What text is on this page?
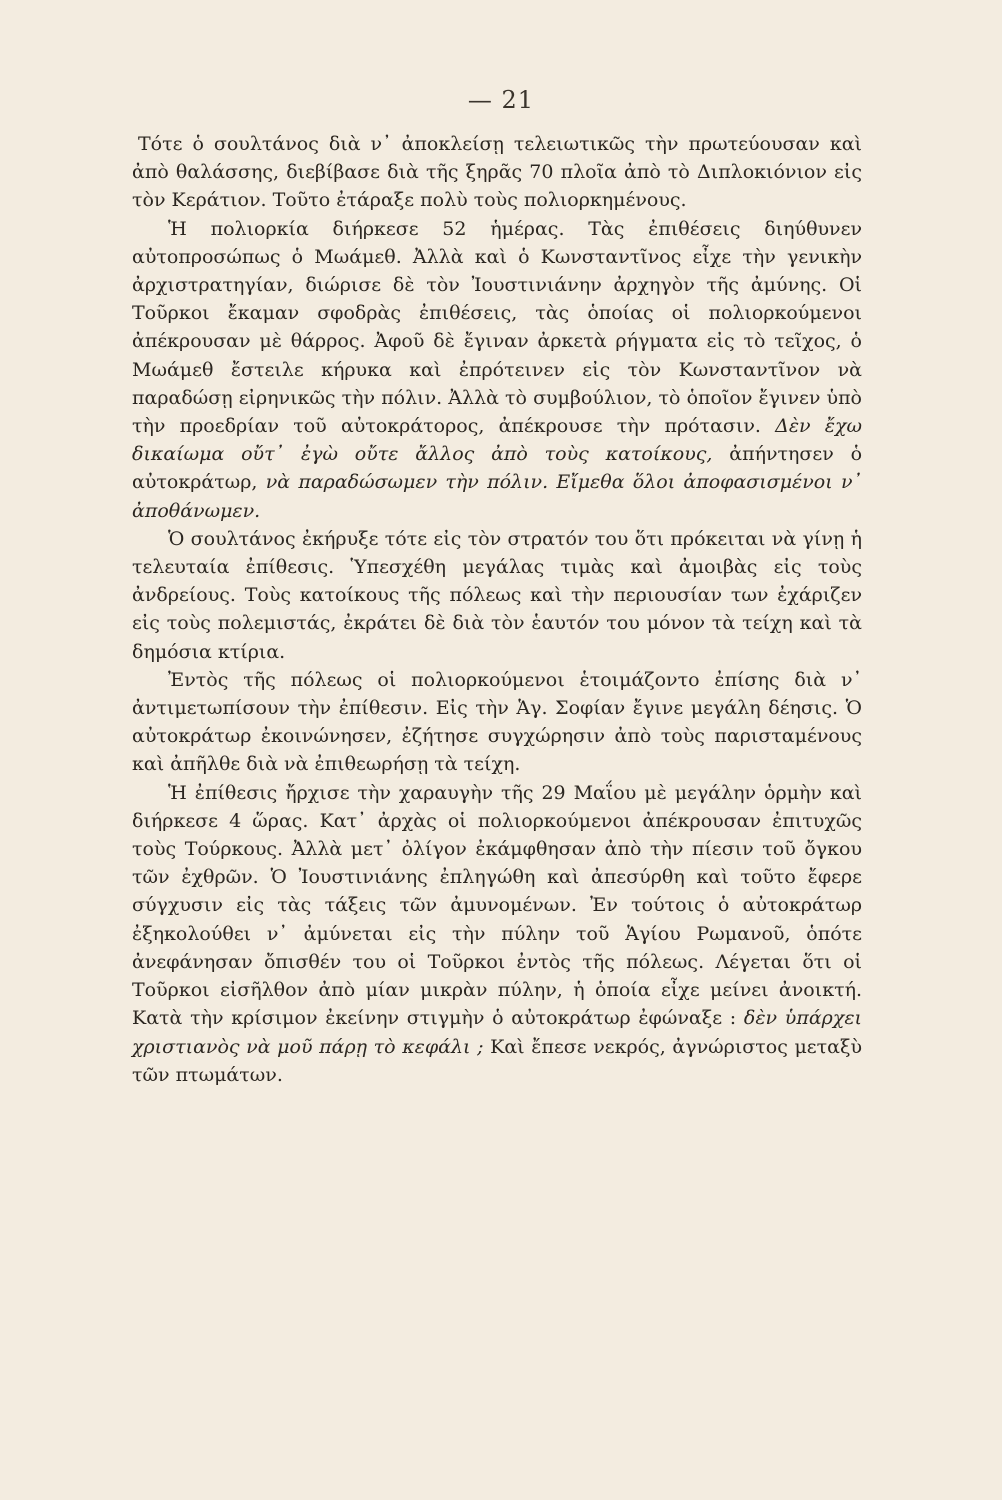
— 21

Τότε ὁ σουλτάνος διὰ ν᾽ ἀποκλείσῃ τελειωτικῶς τὴν πρωτεύουσαν καὶ ἀπὸ θαλάσσης, διεβίβασε διὰ τῆς ξηρᾶς 70 πλοῖα ἀπὸ τὸ Διπλοκιόνιον εἰς τὸν Κεράτιον. Τοῦτο ἐτάραξε πολὺ τοὺς πολιορκημένους.

Ἡ πολιορκία διήρκεσε 52 ἡμέρας. Τὰς ἐπιθέσεις διηύθυνεν αὐτοπροσώπως ὁ Μωάμεθ. Ἀλλὰ καὶ ὁ Κωνσταντῖνος εἶχε τὴν γενικὴν ἀρχιστρατηγίαν, διώρισε δὲ τὸν Ἰουστινιάνην ἀρχηγὸν τῆς ἀμύνης. Οἱ Τοῦρκοι ἔκαμαν σφοδρὰς ἐπιθέσεις, τὰς ὁποίας οἱ πολιορκούμενοι ἀπέκρουσαν μὲ θάρρος. Ἀφοῦ δὲ ἔγιναν ἀρκετὰ ρήγματα εἰς τὸ τεῖχος, ὁ Μωάμεθ ἔστειλε κήρυκα καὶ ἐπρότεινεν εἰς τὸν Κωνσταντῖνον νὰ παραδώσῃ εἰρηνικῶς τὴν πόλιν. Ἀλλὰ τὸ συμβούλιον, τὸ ὁποῖον ἔγινεν ὑπὸ τὴν προεδρίαν τοῦ αὐτοκράτορος, ἀπέκρουσε τὴν πρότασιν. Δὲν ἔχω δικαίωμα οὔτ᾽ ἐγὼ οὔτε ἄλλος ἀπὸ τοὺς κατοίκους, ἀπήντησεν ὁ αὐτοκράτωρ, νὰ παραδώσωμεν τὴν πόλιν. Εἴμεθα ὅλοι ἀποφασισμένοι ν᾽ ἀποθάνωμεν.

Ὁ σουλτάνος ἐκήρυξε τότε εἰς τὸν στρατόν του ὅτι πρόκειται νὰ γίνῃ ἡ τελευταία ἐπίθεσις. Ὑπεσχέθη μεγάλας τιμὰς καὶ ἀμοιβὰς εἰς τοὺς ἀνδρείους. Τοὺς κατοίκους τῆς πόλεως καὶ τὴν περιουσίαν των ἐχάριζεν εἰς τοὺς πολεμιστάς, ἐκράτει δὲ διὰ τὸν ἑαυτόν του μόνον τὰ τείχη καὶ τὰ δημόσια κτίρια.

Ἐντὸς τῆς πόλεως οἱ πολιορκούμενοι ἑτοιμάζοντο ἐπίσης διὰ ν᾽ ἀντιμετωπίσουν τὴν ἐπίθεσιν. Εἰς τὴν Ἁγ. Σοφίαν ἔγινε μεγάλη δέησις. Ὁ αὐτοκράτωρ ἐκοινώνησεν, ἐζήτησε συγχώρησιν ἀπὸ τοὺς παρισταμένους καὶ ἀπῆλθε διὰ νὰ ἐπιθεωρήσῃ τὰ τείχη.

Ἡ ἐπίθεσις ἤρχισε τὴν χαραυγὴν τῆς 29 Μαΐου μὲ μεγάλην ὁρμὴν καὶ διήρκεσε 4 ὥρας. Κατ᾽ ἀρχὰς οἱ πολιορκούμενοι ἀπέκρουσαν ἐπιτυχῶς τοὺς Τούρκους. Ἀλλὰ μετ᾽ ὀλίγον ἐκάμφθησαν ἀπὸ τὴν πίεσιν τοῦ ὄγκου τῶν ἐχθρῶν. Ὁ Ἰουστινιάνης ἐπληγώθη καὶ ἀπεσύρθη καὶ τοῦτο ἔφερε σύγχυσιν εἰς τὰς τάξεις τῶν ἀμυνομένων. Ἐν τούτοις ὁ αὐτοκράτωρ ἐξηκολούθει ν᾽ ἀμύνεται εἰς τὴν πύλην τοῦ Ἁγίου Ρωμανοῦ, ὁπότε ἀνεφάνησαν ὄπισθέν του οἱ Τοῦρκοι ἐντὸς τῆς πόλεως. Λέγεται ὅτι οἱ Τοῦρκοι εἰσῆλθον ἀπὸ μίαν μικρὰν πύλην, ἡ ὁποία εἶχε μείνει ἀνοικτή. Κατὰ τὴν κρίσιμον ἐκείνην στιγμὴν ὁ αὐτοκράτωρ ἐφώναξε : δὲν ὑπάρχει χριστιανὸς νὰ μοῦ πάρῃ τὸ κεφάλι ; Καὶ ἔπεσε νεκρός, ἀγνώριστος μεταξὺ τῶν πτωμάτων.
